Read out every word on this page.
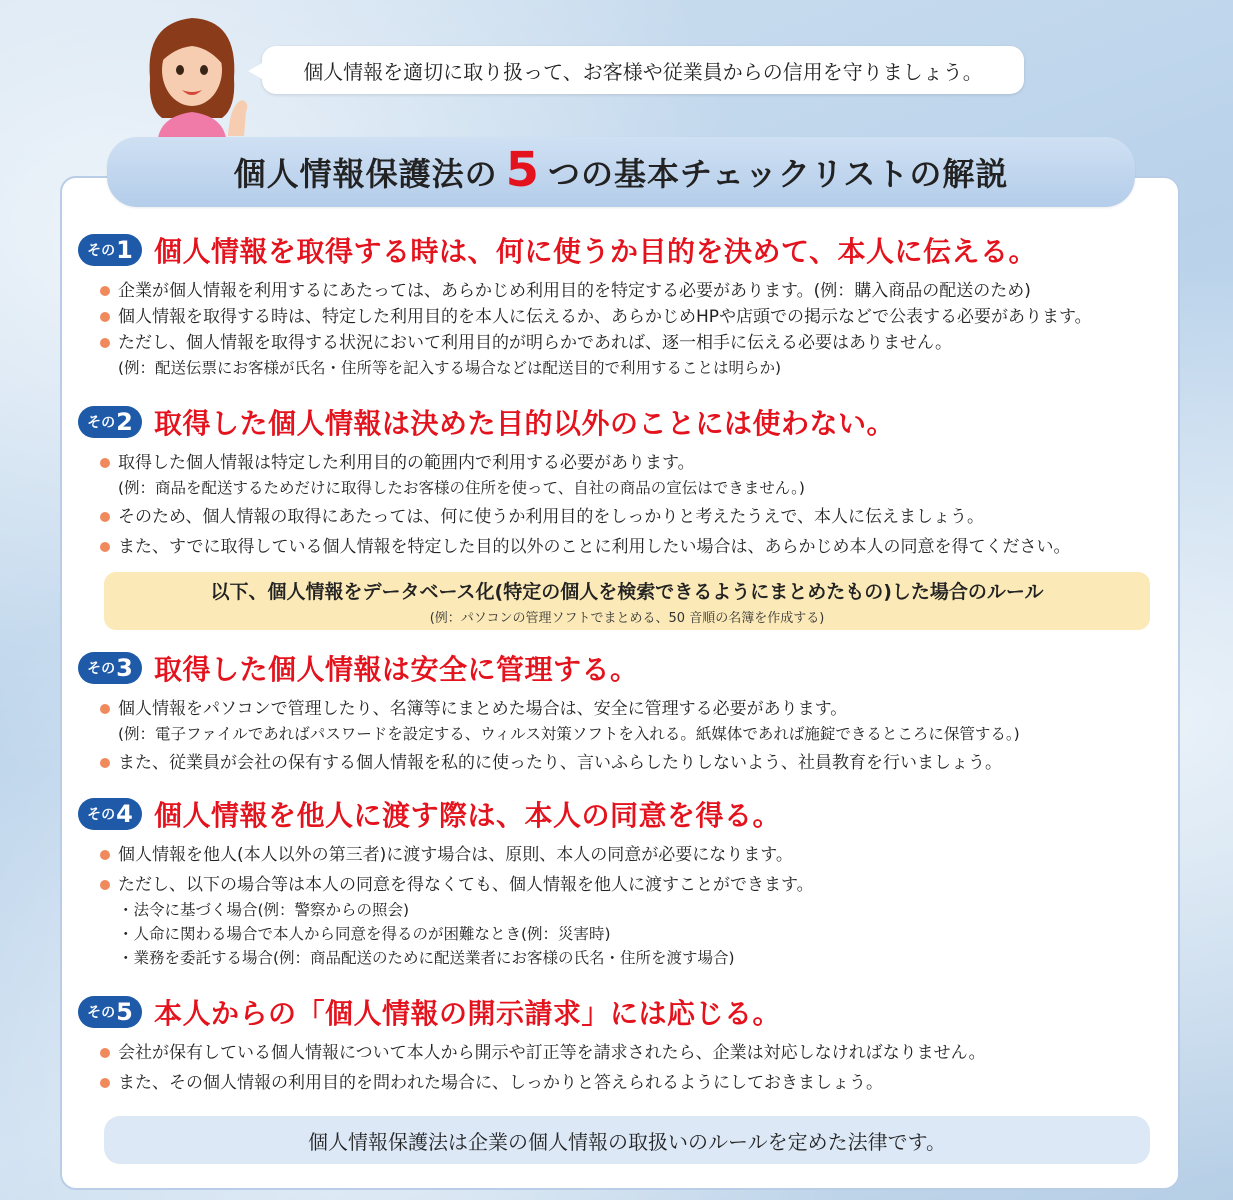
個人情報を適切に取り扱って、お客様や従業員からの信用を守りましょう。
個人情報保護法の 5 つの基本チェックリストの解説
その 1 個人情報を取得する時は、何に使うか目的を決めて、本人に伝える。
企業が個人情報を利用するにあたっては、あらかじめ利用目的を特定する必要があります。(例：購入商品の配送のため)
個人情報を取得する時は、特定した利用目的を本人に伝えるか、あらかじめHPや店頭での掲示などで公表する必要があります。
ただし、個人情報を取得する状況において利用目的が明らかであれば、逐一相手に伝える必要はありません。
(例：配送伝票にお客様が氏名・住所等を記入する場合などは配送目的で利用することは明らか)
その 2 取得した個人情報は決めた目的以外のことには使わない。
取得した個人情報は特定した利用目的の範囲内で利用する必要があります。
(例：商品を配送するためだけに取得したお客様の住所を使って、自社の商品の宣伝はできません。)
そのため、個人情報の取得にあたっては、何に使うか利用目的をしっかりと考えたうえで、本人に伝えましょう。
また、すでに取得している個人情報を特定した目的以外のことに利用したい場合は、あらかじめ本人の同意を得てください。
以下、個人情報をデータベース化(特定の個人を検索できるようにまとめたもの)した場合のルール
(例：パソコンの管理ソフトでまとめる、50 音順の名簿を作成する)
その 3 取得した個人情報は安全に管理する。
個人情報をパソコンで管理したり、名簿等にまとめた場合は、安全に管理する必要があります。
(例：電子ファイルであればパスワードを設定する、ウィルス対策ソフトを入れる。紙媒体であれば施錠できるところに保管する。)
また、従業員が会社の保有する個人情報を私的に使ったり、言いふらしたりしないよう、社員教育を行いましょう。
その 4 個人情報を他人に渡す際は、本人の同意を得る。
個人情報を他人(本人以外の第三者)に渡す場合は、原則、本人の同意が必要になります。
ただし、以下の場合等は本人の同意を得なくても、個人情報を他人に渡すことができます。
・法令に基づく場合(例：警察からの照会)
・人命に関わる場合で本人から同意を得るのが困難なとき(例：災害時)
・業務を委託する場合(例：商品配送のために配送業者にお客様の氏名・住所を渡す場合)
その 5 本人からの「個人情報の開示請求」には応じる。
会社が保有している個人情報について本人から開示や訂正等を請求されたら、企業は対応しなければなりません。
また、その個人情報の利用目的を問われた場合に、しっかりと答えられるようにしておきましょう。
個人情報保護法は企業の個人情報の取扱いのルールを定めた法律です。
